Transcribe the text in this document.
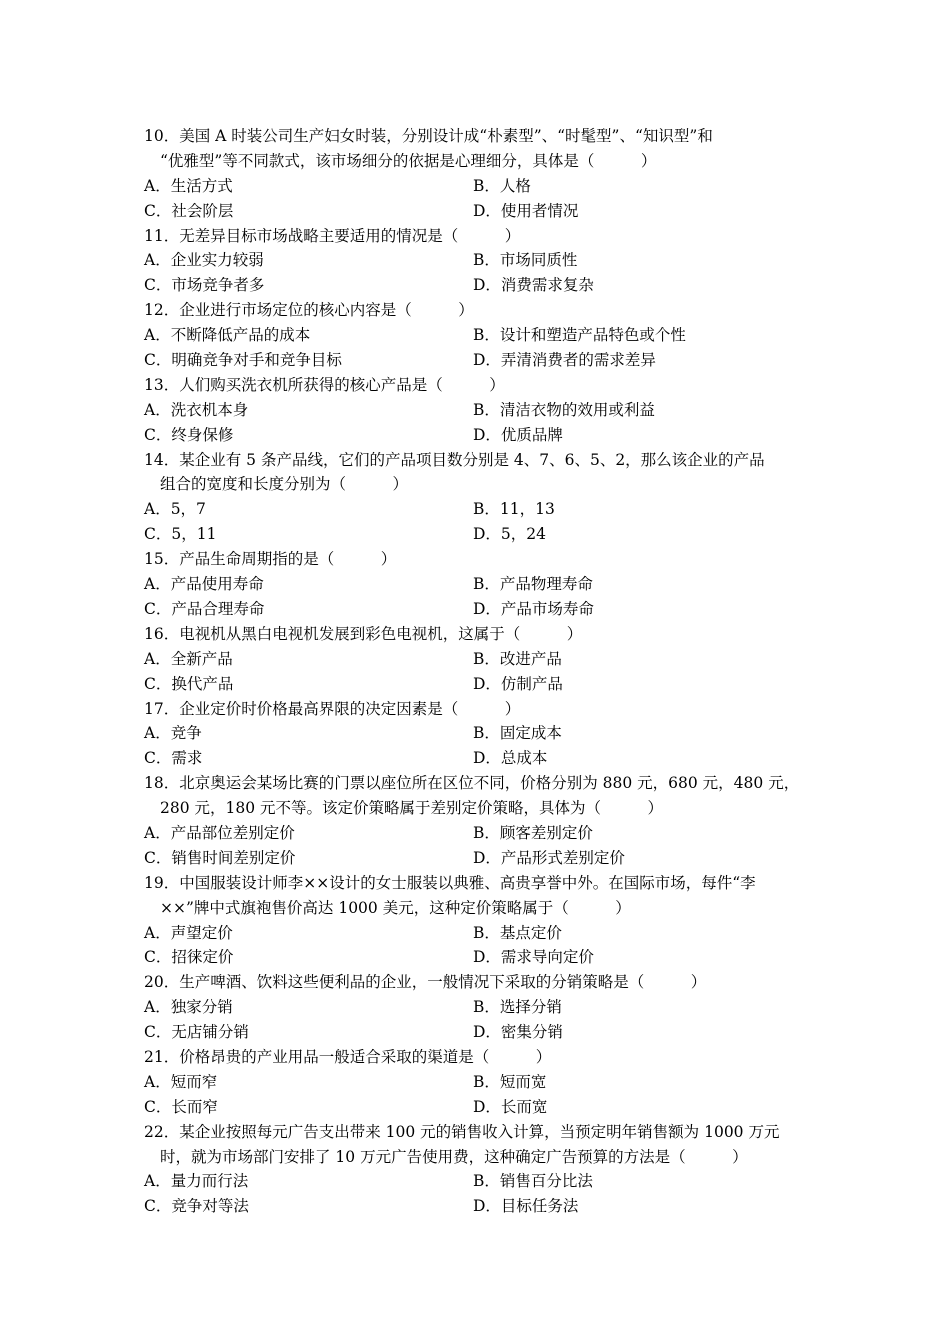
10．美国 A 时装公司生产妇女时装，分别设计成“朴素型”、“时髦型”、“知识型”和
“优雅型”等不同款式，该市场细分的依据是心理细分，具体是（　　　）
A．生活方式	B．人格
C．社会阶层	D．使用者情况
11．无差异目标市场战略主要适用的情况是（　　　）
A．企业实力较弱	B．市场同质性
C．市场竞争者多	D．消费需求复杂
12．企业进行市场定位的核心内容是（　　　）
A．不断降低产品的成本	B．设计和塑造产品特色或个性
C．明确竞争对手和竞争目标	D．弄清消费者的需求差异
13．人们购买洗衣机所获得的核心产品是（　　　）
A．洗衣机本身	B．清洁衣物的效用或利益
C．终身保修	D．优质品牌
14．某企业有 5 条产品线，它们的产品项目数分别是 4、7、6、5、2，那么该企业的产品
组合的宽度和长度分别为（　　　）
A．5，7	B．11，13
C．5，11	D．5，24
15．产品生命周期指的是（　　　）
A．产品使用寿命	B．产品物理寿命
C．产品合理寿命	D．产品市场寿命
16．电视机从黑白电视机发展到彩色电视机，这属于（　　　）
A．全新产品	B．改进产品
C．换代产品	D．仿制产品
17．企业定价时价格最高界限的决定因素是（　　　）
A．竞争	B．固定成本
C．需求	D．总成本
18．北京奥运会某场比赛的门票以座位所在区位不同，价格分别为 880 元，680 元，480 元，
280 元，180 元不等。该定价策略属于差别定价策略，具体为（　　　）
A．产品部位差别定价	B．顾客差别定价
C．销售时间差别定价	D．产品形式差别定价
19．中国服装设计师李××设计的女士服装以典雅、高贵享誉中外。在国际市场，每件“李
××”牌中式旗袍售价高达 1000 美元，这种定价策略属于（　　　）
A．声望定价	B．基点定价
C．招徕定价	D．需求导向定价
20．生产啤酒、饮料这些便利品的企业，一般情况下采取的分销策略是（　　　）
A．独家分销	B．选择分销
C．无店铺分销	D．密集分销
21．价格昂贵的产业用品一般适合采取的渠道是（　　　）
A．短而窄	B．短而宽
C．长而窄	D．长而宽
22．某企业按照每元广告支出带来 100 元的销售收入计算，当预定明年销售额为 1000 万元
时，就为市场部门安排了 10 万元广告使用费，这种确定广告预算的方法是（　　　）
A．量力而行法	B．销售百分比法
C．竞争对等法	D．目标任务法
